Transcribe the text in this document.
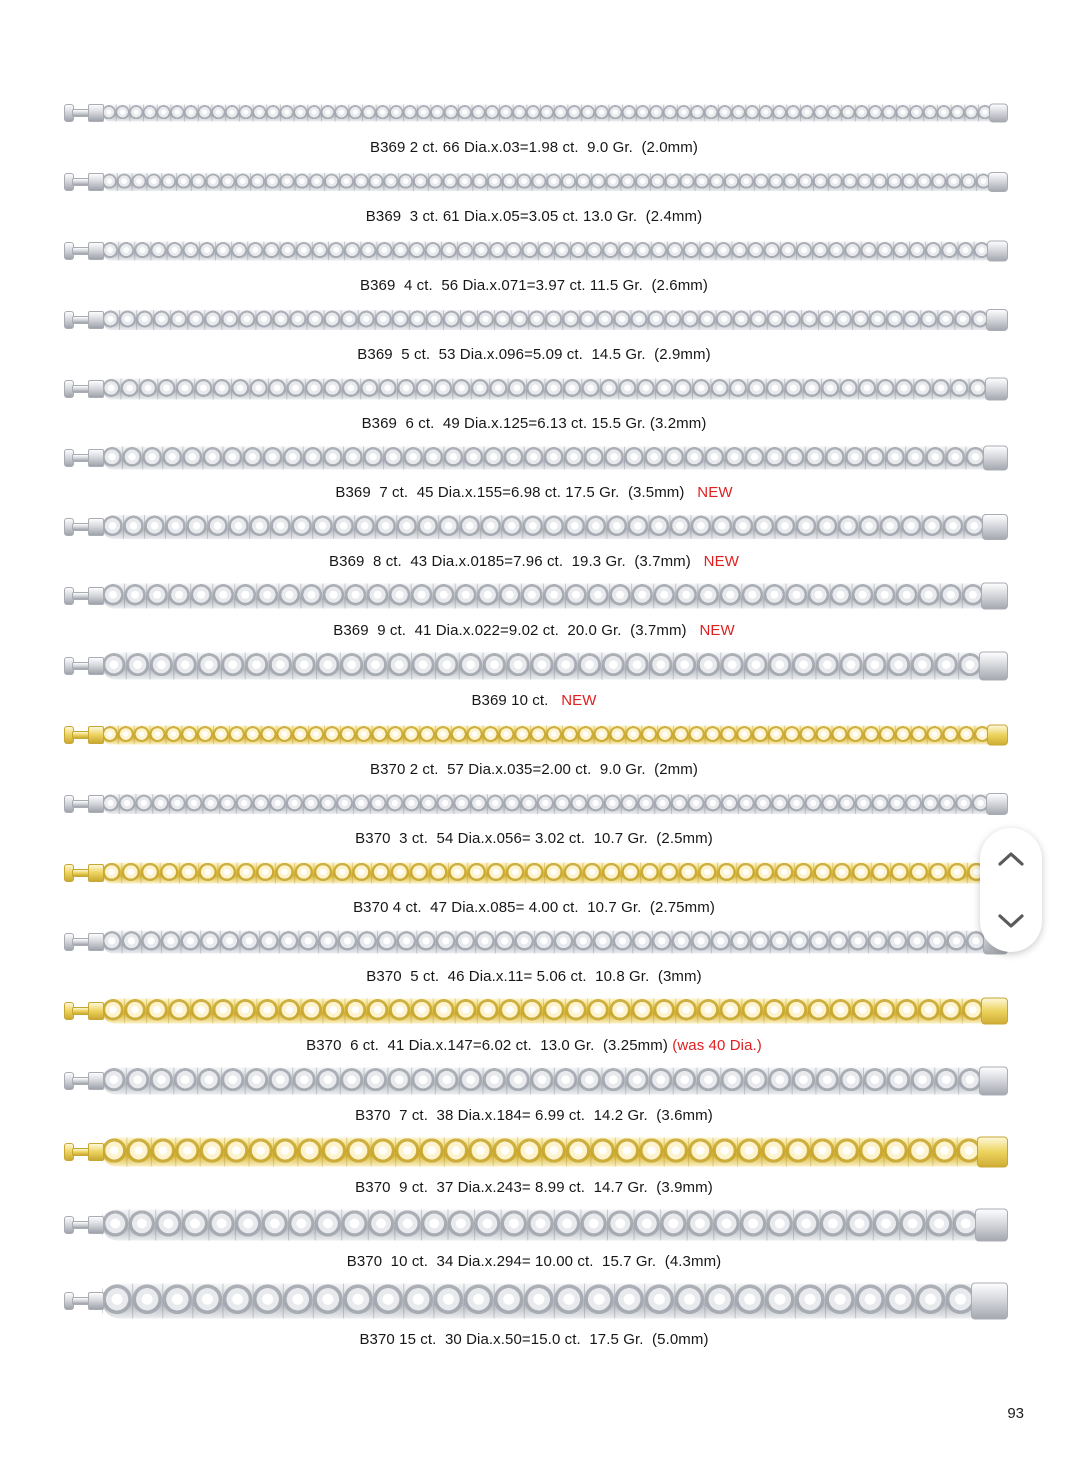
B369 2 ct. 66 Dia.x.03=1.98 ct.  9.0 Gr.  (2.0mm)
B369  3 ct. 61 Dia.x.05=3.05 ct. 13.0 Gr.  (2.4mm)
B369  4 ct.  56 Dia.x.071=3.97 ct. 11.5 Gr.  (2.6mm)
B369  5 ct.  53 Dia.x.096=5.09 ct.  14.5 Gr.  (2.9mm)
B369  6 ct.  49 Dia.x.125=6.13 ct. 15.5 Gr. (3.2mm)
B369  7 ct.  45 Dia.x.155=6.98 ct. 17.5 Gr.  (3.5mm)   NEW
B369  8 ct.  43 Dia.x.0185=7.96 ct.  19.3 Gr.  (3.7mm)   NEW
B369  9 ct.  41 Dia.x.022=9.02 ct.  20.0 Gr.  (3.7mm)   NEW
B369 10 ct.   NEW
B370 2 ct.  57 Dia.x.035=2.00 ct.  9.0 Gr.  (2mm)
B370  3 ct.  54 Dia.x.056= 3.02 ct.  10.7 Gr.  (2.5mm)
B370 4 ct.  47 Dia.x.085= 4.00 ct.  10.7 Gr.  (2.75mm)
B370  5 ct.  46 Dia.x.11= 5.06 ct.  10.8 Gr.  (3mm)
B370  6 ct.  41 Dia.x.147=6.02 ct.  13.0 Gr.  (3.25mm) (was 40 Dia.)
B370  7 ct.  38 Dia.x.184= 6.99 ct.  14.2 Gr.  (3.6mm)
B370  9 ct.  37 Dia.x.243= 8.99 ct.  14.7 Gr.  (3.9mm)
B370  10 ct.  34 Dia.x.294= 10.00 ct.  15.7 Gr.  (4.3mm)
B370 15 ct.  30 Dia.x.50=15.0 ct.  17.5 Gr.  (5.0mm)
93
